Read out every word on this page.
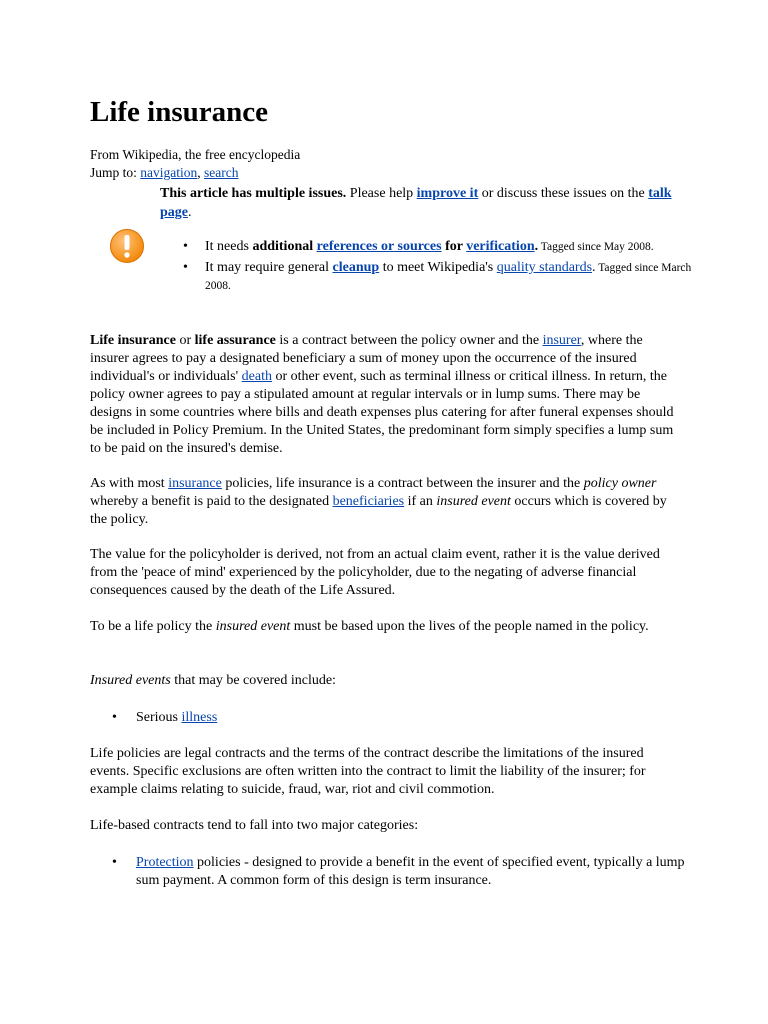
Life insurance
From Wikipedia, the free encyclopedia
Jump to: navigation, search
This article has multiple issues. Please help improve it or discuss these issues on the talk page.
• It needs additional references or sources for verification. Tagged since May 2008.
• It may require general cleanup to meet Wikipedia's quality standards. Tagged since March 2008.

Life insurance or life assurance is a contract between the policy owner and the insurer, where the insurer agrees to pay a designated beneficiary a sum of money upon the occurrence of the insured individual's or individuals' death or other event, such as terminal illness or critical illness. In return, the policy owner agrees to pay a stipulated amount at regular intervals or in lump sums. There may be designs in some countries where bills and death expenses plus catering for after funeral expenses should be included in Policy Premium. In the United States, the predominant form simply specifies a lump sum to be paid on the insured's demise.

As with most insurance policies, life insurance is a contract between the insurer and the policy owner whereby a benefit is paid to the designated beneficiaries if an insured event occurs which is covered by the policy.

The value for the policyholder is derived, not from an actual claim event, rather it is the value derived from the 'peace of mind' experienced by the policyholder, due to the negating of adverse financial consequences caused by the death of the Life Assured.

To be a life policy the insured event must be based upon the lives of the people named in the policy.

Insured events that may be covered include:

• Serious illness

Life policies are legal contracts and the terms of the contract describe the limitations of the insured events. Specific exclusions are often written into the contract to limit the liability of the insurer; for example claims relating to suicide, fraud, war, riot and civil commotion.

Life-based contracts tend to fall into two major categories:

• Protection policies - designed to provide a benefit in the event of specified event, typically a lump sum payment. A common form of this design is term insurance.
